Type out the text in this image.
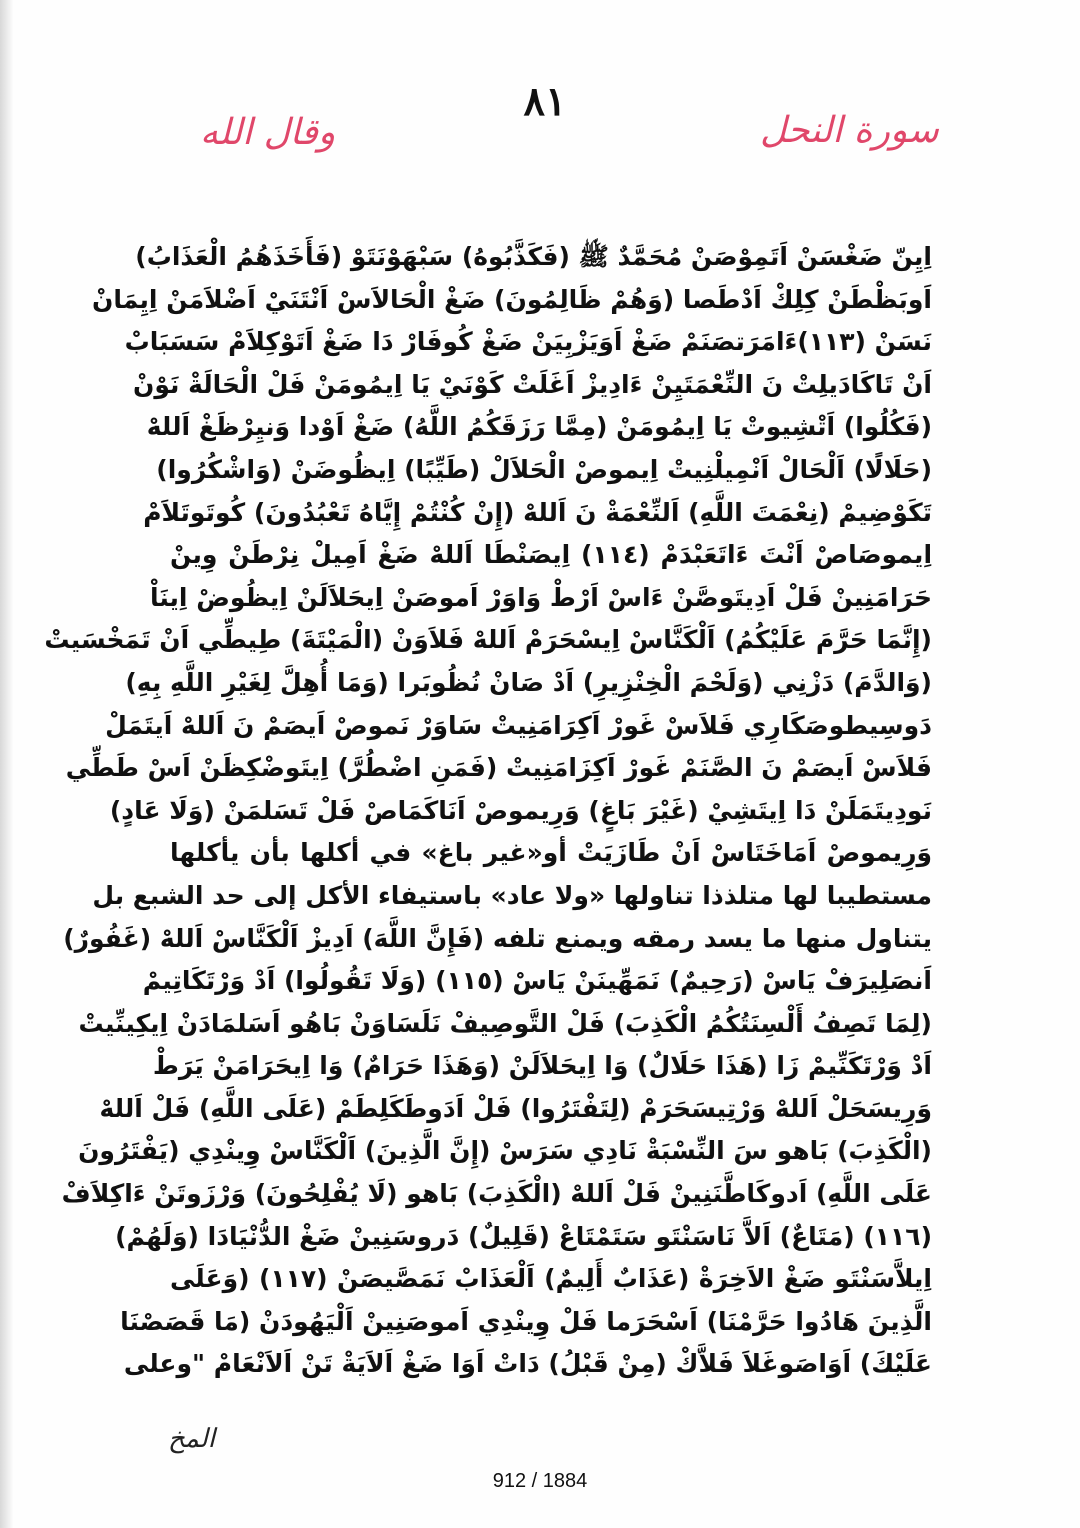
٨١
وقال الله	سورة النحل
اِيِنّ ضَغْسَنْ اَتَمِوْصَنْ مُحَمَّدٌ ﷺ (فَكَذَّبُوهُ) سَبْهَوْنَتَوْ (فَأَخَذَهُمُ الْعَذَابُ)
اَوبَظْطَنْ كِلِكْ اَدْطَصا (وَهُمْ ظَالِمُونَ) ضَغْ الْحَالاَسْ اَنْتَنَيْ اَضْلاَمَنْ اِيِمَانْ
نَسَنْ (١١٣)ءَامَرَتصَنَمْ ضَغْ اَوَيَزْبِيَنْ ضَغْ كُوفَارْ دَا ضَغْ اَتَوْكِلاَمْ سَسَبَابْ
اَنْ تَاكَادَيلِتْ نَ النِّعْمَتَيِنْ ءَادِيزْ اَغَلَتْ كَوْنَيْ يَا اِيمُومَنْ فَلْ الْحَالَةْ نَوْنْ
(فَكُلُوا) اَتْشِيوتْ يَا اِيمُومَنْ (مِمَّا رَزَقَكُمُ اللَّهُ) ضَغْ اَوْدا وَنيِرْظَغْ اَللهْ
(حَلَالًا) اَلْحَالْ اَنْمِيلْنِيتْ اِيموصْ الْحَلاَلْ (طَيِّبًا) اِيظُوضَنْ (وَاشْكُرُوا)
تَكَوْضِيمْ (نِعْمَتَ اللَّهِ) اَلنِّعْمَةْ نَ اَللهْ (إِنْ كُنْتُمْ إِيَّاهُ تَعْبُدُونَ) كُوتَوتَلاَمْ
اِيموصَاصْ اَنْتَ ءَاتَعَبْدَمْ (١١٤) اِيصَنْطَا اَللهْ ضَغْ اَمِيلْ نِرْطَنْ وِينْ
حَرَامَنِينْ فَلْ اَدِيتَوصَّنْ ءَاسْ اَرْطْ وَاوَرْ اَموصَنْ اِيحَلاَلَنْ اِيظُوضْ اِينَاْ
(إِنَّمَا حَرَّمَ عَلَيْكُمُ) اَلْكَنَّاسْ اِيسْحَرَمْ اَللهْ فَلاَوَنْ (الْمَيْتَةَ) طِيطِّي اَنْ تَمَخْسَيتْ
(وَالدَّمَ) دَزْنِي (وَلَحْمَ الْخِنْزِيرِ) اَدْ صَانْ نُظُوبَرا (وَمَا أُهِلَّ لِغَيْرِ اللَّهِ بِهِ)
دَوسِيطوصَكَارِي فَلاَسْ غَورْ اَكِرَامَنِيتْ سَاوَرْ نَموصْ اَيصَمْ نَ اَللهْ اَيتَمَلْ
فَلاَسْ اَيصَمْ نَ الصَّنَمْ غَورْ اَكِزَامَنِيتْ (فَمَنِ اضْطُرَّ) اِيتَوضْكِظَنْ اَسْ طَطِّي
نَودِيتَمَلَنْ دَا اِيتَشِيْ (غَيْرَ بَاغٍ) وَرِيموصْ اَنَاكَمَاصْ فَلْ تَسَلمَنْ (وَلَا عَادٍ)
وَرِيموصْ اَمَاخَتَاسْ اَنْ طَازَيَتْ أو«غير باغ» في أكلها بأن يأكلها
مستطيبا لها متلذذا تناولها «ولا عاد» باستيفاء الأكل إلى حد الشبع بل
يتناول منها ما يسد رمقه ويمنع تلفه (فَإِنَّ اللَّهَ) اَدِيزْ اَلْكَنَّاسْ اَللهْ (غَفُورٌ)
اَنصَلِيرَفْ يَاسْ (رَحِيمٌ) نَمَهِّينَنْ يَاسْ (١١٥) (وَلَا تَقُولُوا) اَدْ وَرْتَكَاتِيمْ
(لِمَا تَصِفُ أَلْسِنَتُكُمُ الْكَذِبَ) فَلْ التَّوصِيفْ نَلَسَاوَنْ بَاهُو اَسَلمَادَنْ اِيكِينِّيتْ
اَدْ وَرْتَكَنِّيمْ زَا (هَذَا حَلَالٌ) وَا اِيحَلاَلَنْ (وَهَذَا حَرَامٌ) وَا اِيحَرَامَنْ يَرَطْ
وَرِيسَحَلْ اَللهْ وَرْتِيسَحَرَمْ (لِتَفْتَرُوا) فَلْ اَدَوطَكَلِطَمْ (عَلَى اللَّهِ) فَلْ اَللهْ
(الْكَذِبَ) بَاهو سَ النِّسْبَةْ نَادِي سَرَسْ (إِنَّ الَّذِينَ) اَلْكَنَّاسْ وِينْدِي (يَفْتَرُونَ
عَلَى اللَّهِ) اَدوكَاطَّنَنِينْ فَلْ اَللهْ (الْكَذِبَ) بَاهو (لَا يُفْلِحُونَ) وَرْزَوتَنْ ءَاكِلاَفْ
(١١٦) (مَتَاعٌ) اَلاَّ نَاسَنْتَو سَتَمْتَاعْ (قَلِيلٌ) دَروسَنِينْ ضَغْ الدُّنْيَادَا (وَلَهُمْ)
اِيلاَّسَنْتَو ضَغْ الاَخِرَةْ (عَذَابٌ أَلِيمٌ) اَلْعَذَابْ نَمَصَّيصَنْ (١١٧) (وَعَلَى
الَّذِينَ هَادُوا حَرَّمْنَا) اَسْحَرَما فَلْ وِينْدِي اَموصَنِينْ اَلْيَهُودَنْ (مَا قَصَصْنَا
عَلَيْكَ) اَوَاصَوغَلاَ فَلاَّكْ (مِنْ قَبْلُ) دَاتْ اَوَا ضَغْ اَلاَيَةْ تَنْ اَلاَنْعَامْ "وعلى
المخ
912 / 1884
